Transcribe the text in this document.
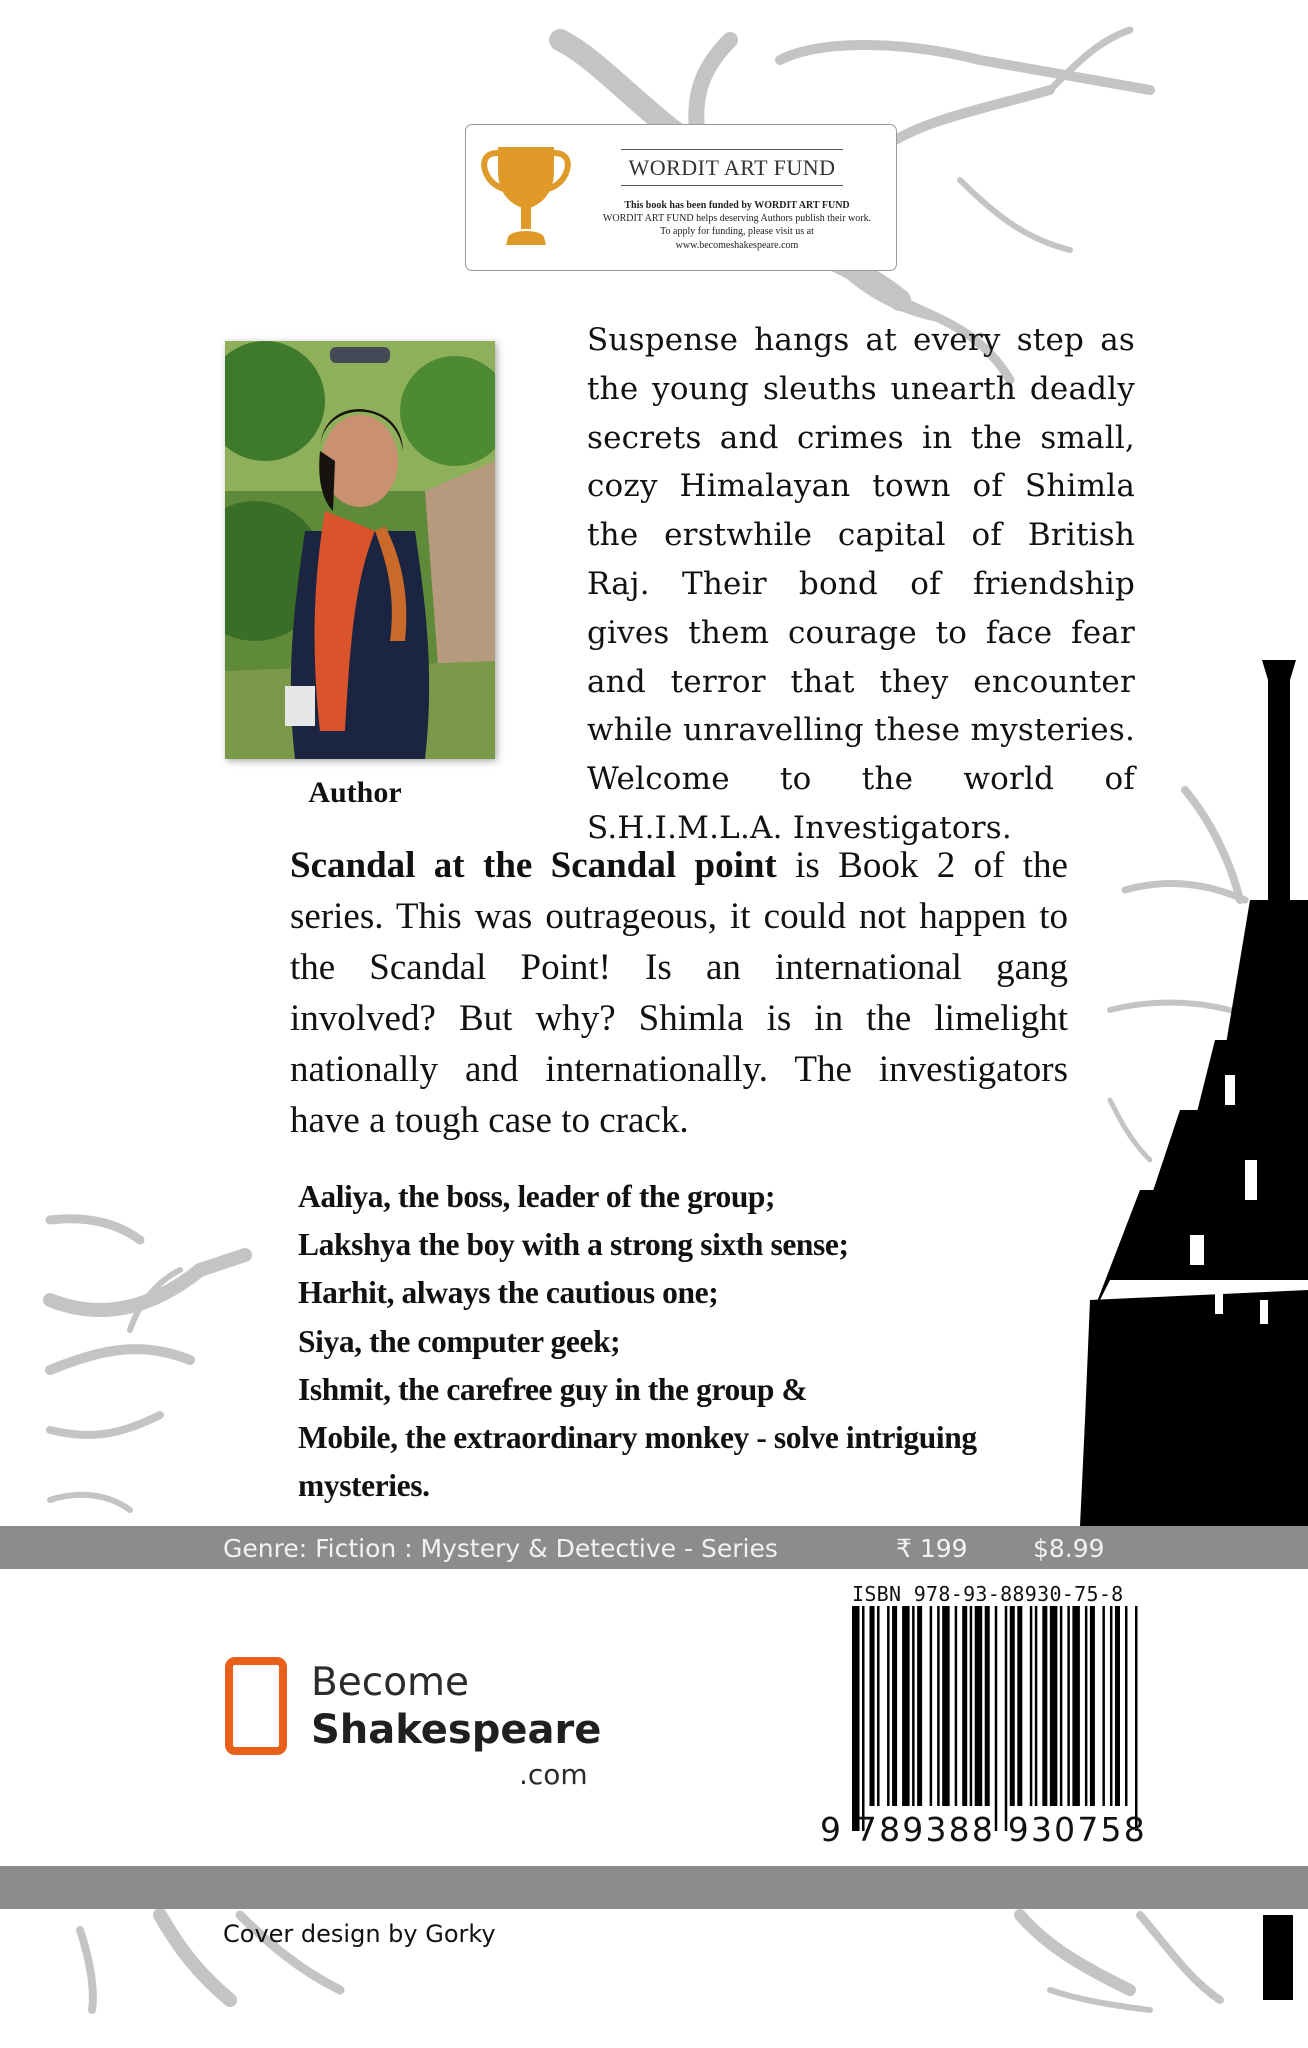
WORDIT ART FUND
This book has been funded by WORDIT ART FUND
WORDIT ART FUND helps deserving Authors publish their work.
To apply for funding, please visit us at
www.becomeshakespeare.com
Author
Suspense hangs at every step as the young sleuths unearth deadly secrets and crimes in the small, cozy Himalayan town of Shimla the erstwhile capital of British Raj. Their bond of friendship gives them courage to face fear and terror that they encounter while unravelling these mysteries. Welcome to the world of S.H.I.M.L.A. Investigators.
Scandal at the Scandal point is Book 2 of the series. This was outrageous, it could not happen to the Scandal Point! Is an international gang involved? But why? Shimla is in the limelight nationally and internationally. The investigators have a tough case to crack.
Aaliya, the boss, leader of the group;
Lakshya the boy with a strong sixth sense;
Harhit, always the cautious one;
Siya, the computer geek;
Ishmit, the carefree guy in the group &
Mobile, the extraordinary monkey - solve intriguing
mysteries.
Genre: Fiction : Mystery & Detective - Series	₹ 199	$8.99
Become
Shakespeare
.com
ISBN 978-93-88930-75-8
9 789388 930758
Cover design by Gorky
